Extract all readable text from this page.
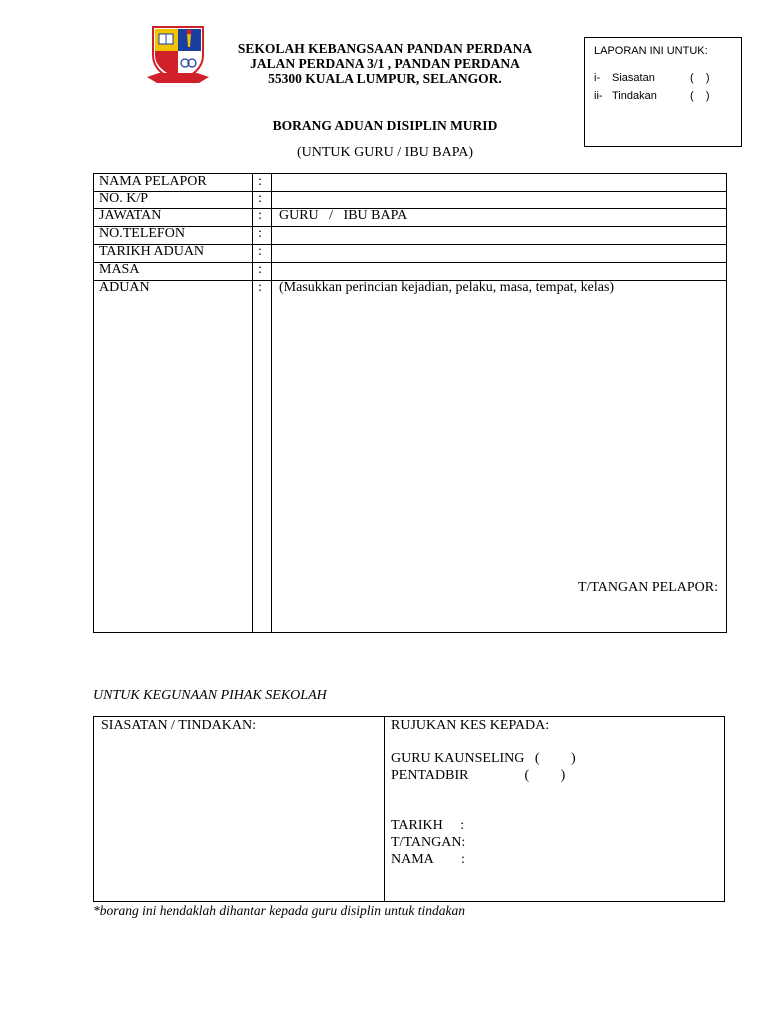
SEKOLAH KEBANGSAAN PANDAN PERDANA
JALAN PERDANA 3/1 , PANDAN PERDANA
55300 KUALA LUMPUR, SELANGOR.
LAPORAN INI UNTUK:
i- Siasatan	(    )
ii- Tindakan	(    )
BORANG ADUAN DISIPLIN MURID
(UNTUK GURU / IBU BAPA)
NAMA PELAPOR	:
NO. K/P	:
JAWATAN	: GURU   /   IBU BAPA
NO.TELEFON	:
TARIKH ADUAN	:
MASA	:
ADUAN	: (Masukkan perincian kejadian, pelaku, masa, tempat, kelas)
T/TANGAN PELAPOR:
UNTUK KEGUNAAN PIHAK SEKOLAH
SIASATAN / TINDAKAN:	RUJUKAN KES KEPADA:
GURU KAUNSELING   (         )
PENTADBIR                (         )
TARIKH     :
T/TANGAN:
NAMA        :
*borang ini hendaklah dihantar kepada guru disiplin untuk tindakan
